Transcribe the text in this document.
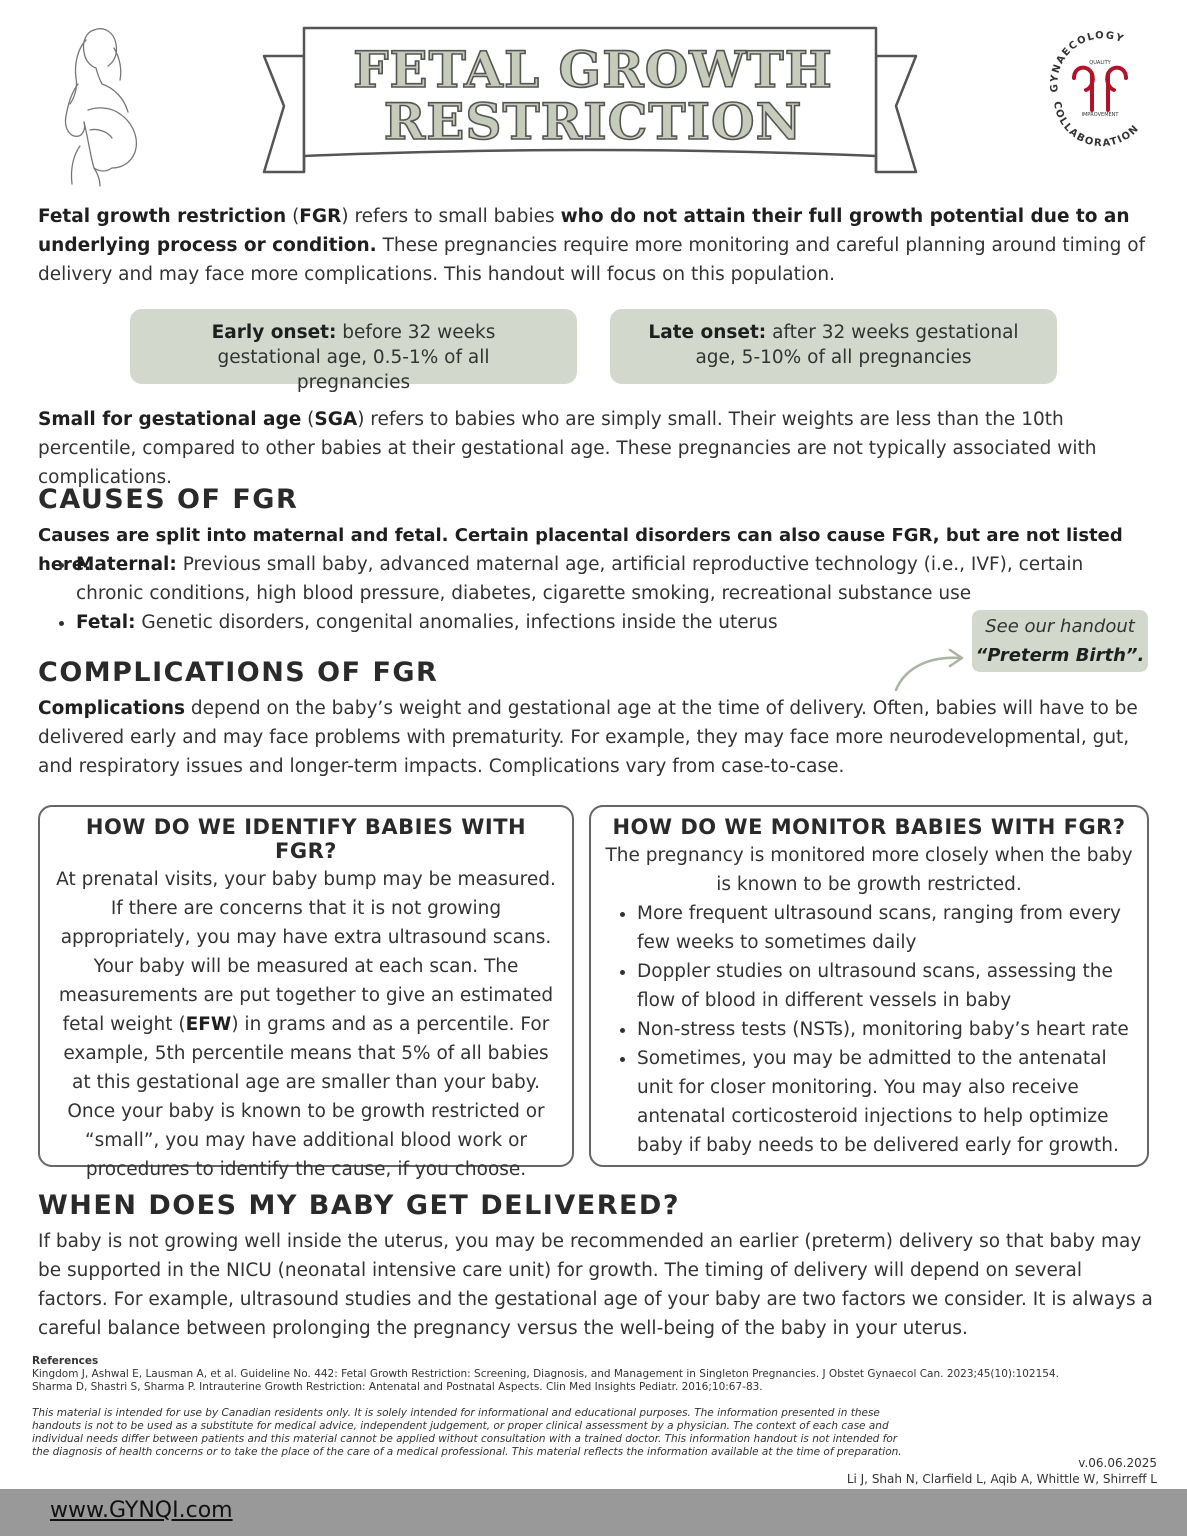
FETAL GROWTH
RESTRICTION
GYNAECOLOGY
COLLABORATION
QUALITY
IMPROVEMENT

Fetal growth restriction (FGR) refers to small babies who do not attain their full growth potential due to an underlying process or condition. These pregnancies require more monitoring and careful planning around timing of delivery and may face more complications. This handout will focus on this population.

Early onset: before 32 weeks gestational age, 0.5-1% of all pregnancies
Late onset: after 32 weeks gestational age, 5-10% of all pregnancies

Small for gestational age (SGA) refers to babies who are simply small. Their weights are less than the 10th percentile, compared to other babies at their gestational age. These pregnancies are not typically associated with complications.

CAUSES OF FGR

Causes are split into maternal and fetal. Certain placental disorders can also cause FGR, but are not listed here.

• Maternal: Previous small baby, advanced maternal age, artificial reproductive technology (i.e., IVF), certain chronic conditions, high blood pressure, diabetes, cigarette smoking, recreational substance use
• Fetal: Genetic disorders, congenital anomalies, infections inside the uterus	See our handout
“Preterm Birth”.
COMPLICATIONS OF FGR

Complications depend on the baby’s weight and gestational age at the time of delivery. Often, babies will have to be delivered early and may face problems with prematurity. For example, they may face more neurodevelopmental, gut, and respiratory issues and longer-term impacts. Complications vary from case-to-case.

HOW DO WE IDENTIFY BABIES WITH FGR?

At prenatal visits, your baby bump may be measured. If there are concerns that it is not growing appropriately, you may have extra ultrasound scans. Your baby will be measured at each scan. The measurements are put together to give an estimated fetal weight (EFW) in grams and as a percentile. For example, 5th percentile means that 5% of all babies at this gestational age are smaller than your baby. Once your baby is known to be growth restricted or “small”, you may have additional blood work or procedures to identify the cause, if you choose.

HOW DO WE MONITOR BABIES WITH FGR?

The pregnancy is monitored more closely when the baby is known to be growth restricted.

• More frequent ultrasound scans, ranging from every few weeks to sometimes daily
• Doppler studies on ultrasound scans, assessing the flow of blood in different vessels in baby
• Non-stress tests (NSTs), monitoring baby’s heart rate
• Sometimes, you may be admitted to the antenatal unit for closer monitoring. You may also receive antenatal corticosteroid injections to help optimize baby if baby needs to be delivered early for growth.
WHEN DOES MY BABY GET DELIVERED?

If baby is not growing well inside the uterus, you may be recommended an earlier (preterm) delivery so that baby may be supported in the NICU (neonatal intensive care unit) for growth. The timing of delivery will depend on several factors. For example, ultrasound studies and the gestational age of your baby are two factors we consider. It is always a careful balance between prolonging the pregnancy versus the well-being of the baby in your uterus.

References
Kingdom J, Ashwal E, Lausman A, et al. Guideline No. 442: Fetal Growth Restriction: Screening, Diagnosis, and Management in Singleton Pregnancies. J Obstet Gynaecol Can. 2023;45(10):102154.
Sharma D, Shastri S, Sharma P. Intrauterine Growth Restriction: Antenatal and Postnatal Aspects. Clin Med Insights Pediatr. 2016;10:67-83.
This material is intended for use by Canadian residents only. It is solely intended for informational and educational purposes. The information presented in these handouts is not to be used as a substitute for medical advice, independent judgement, or proper clinical assessment by a physician. The context of each case and individual needs differ between patients and this material cannot be applied without consultation with a trained doctor. This information handout is not intended for the diagnosis of health concerns or to take the place of the care of a medical professional. This material reflects the information available at the time of preparation.
v.06.06.2025
Li J, Shah N, Clarfield L, Aqib A, Whittle W, Shirreff L
www.GYNQI.com
